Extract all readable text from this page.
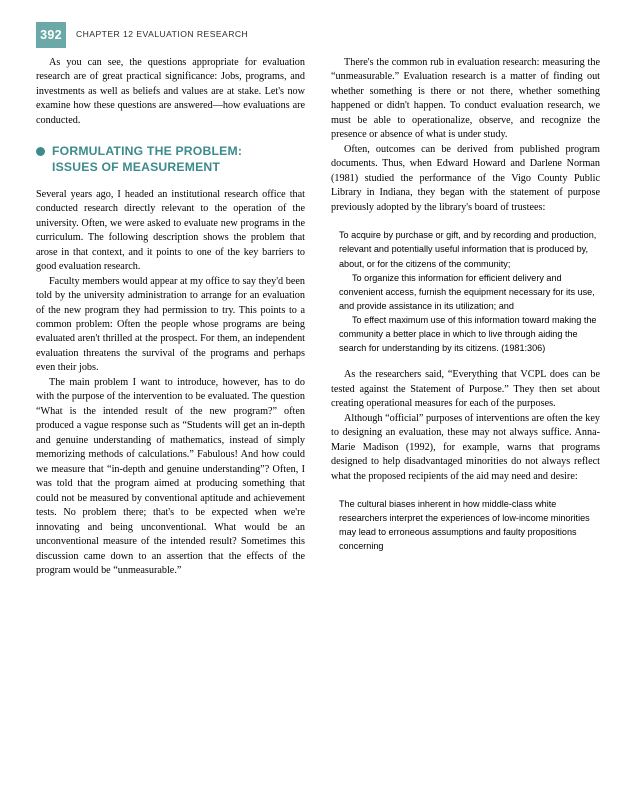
392	CHAPTER 12 EVALUATION RESEARCH

As you can see, the questions appropriate for evaluation research are of great practical significance: Jobs, programs, and investments as well as beliefs and values are at stake. Let's now examine how these questions are answered—how evaluations are conducted.

FORMULATING THE PROBLEM:
ISSUES OF MEASUREMENT

Several years ago, I headed an institutional research office that conducted research directly relevant to the operation of the university. Often, we were asked to evaluate new programs in the curriculum. The following description shows the problem that arose in that context, and it points to one of the key barriers to good evaluation research.

Faculty members would appear at my office to say they'd been told by the university administration to arrange for an evaluation of the new program they had permission to try. This points to a common problem: Often the people whose programs are being evaluated aren't thrilled at the prospect. For them, an independent evaluation threatens the survival of the programs and perhaps even their jobs.

The main problem I want to introduce, however, has to do with the purpose of the intervention to be evaluated. The question “What is the intended result of the new program?” often produced a vague response such as “Students will get an in-depth and genuine understanding of mathematics, instead of simply memorizing methods of calculations.” Fabulous! And how could we measure that “in-depth and genuine understanding”? Often, I was told that the program aimed at producing something that could not be measured by conventional aptitude and achievement tests. No problem there; that's to be expected when we're innovating and being unconventional. What would be an unconventional measure of the intended result? Sometimes this discussion came down to an assertion that the effects of the program would be “unmeasurable.”

There's the common rub in evaluation research: measuring the “unmeasurable.” Evaluation research is a matter of finding out whether something is there or not there, whether something happened or didn't happen. To conduct evaluation research, we must be able to operationalize, observe, and recognize the presence or absence of what is under study.

Often, outcomes can be derived from published program documents. Thus, when Edward Howard and Darlene Norman (1981) studied the performance of the Vigo County Public Library in Indiana, they began with the statement of purpose previously adopted by the library's board of trustees:

To acquire by purchase or gift, and by recording and production, relevant and potentially useful information that is produced by, about, or for the citizens of the community;

To organize this information for efficient delivery and convenient access, furnish the equipment necessary for its use, and provide assistance in its utilization; and

To effect maximum use of this information toward making the community a better place in which to live through aiding the search for understanding by its citizens. (1981:306)

As the researchers said, “Everything that VCPL does can be tested against the Statement of Purpose.” They then set about creating operational measures for each of the purposes.

Although “official” purposes of interventions are often the key to designing an evaluation, these may not always suffice. Anna-Marie Madison (1992), for example, warns that programs designed to help disadvantaged minorities do not always reflect what the proposed recipients of the aid may need and desire:

The cultural biases inherent in how middle-class white researchers interpret the experiences of low-income minorities may lead to erroneous assumptions and faulty propositions concerning
